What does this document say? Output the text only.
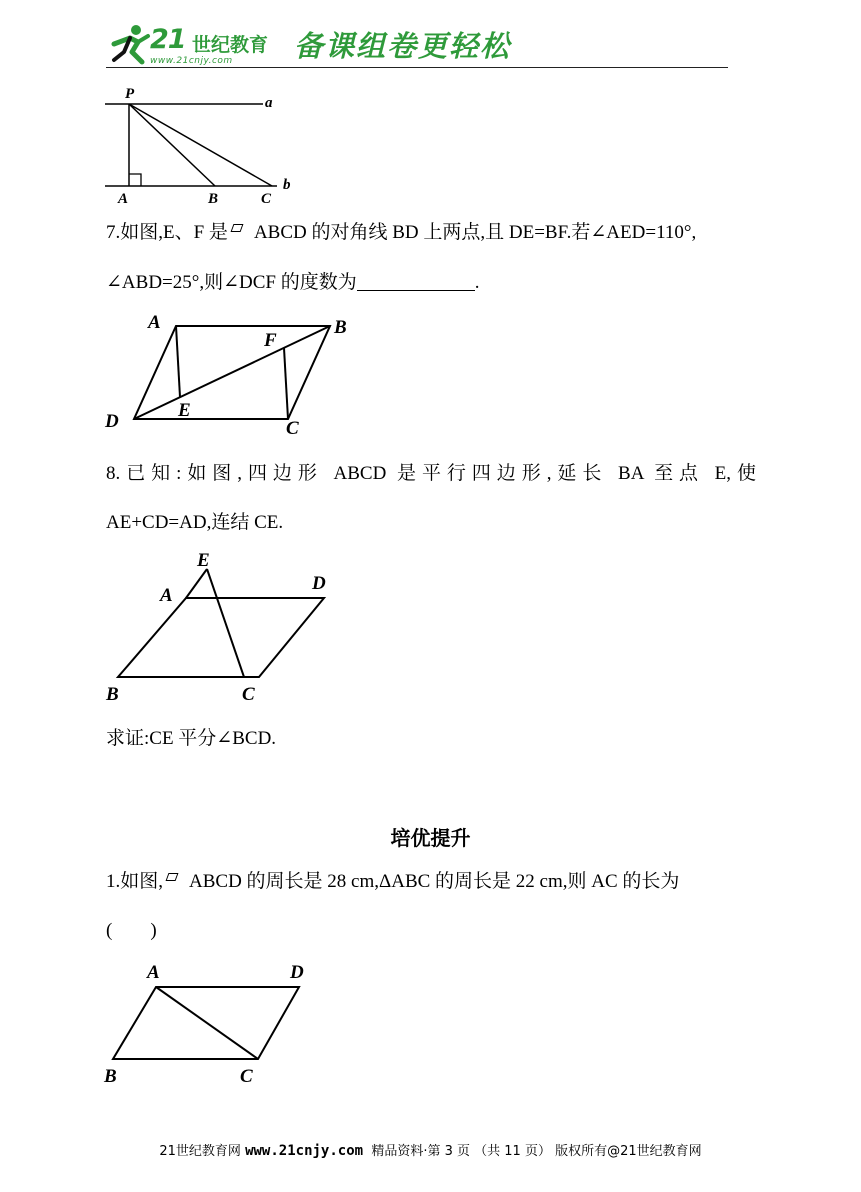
21 世纪教育
www.21cnjy.com 备课组卷更轻松
P
a
A	B	C
b
7.如图,E、F 是 ABCD 的对角线 BD 上两点,且 DE=BF.若∠AED=110°,
∠ABD=25°,则∠DCF 的度数为	.
A	B
C
D
E
F
8.已知:如图,四边形 ABCD 是平行四边形,延长 BA 至点 E,使
AE+CD=AD,连结 CE.
A
B	C
D
E
求证:CE 平分∠BCD.
培优提升
1.如图, ABCD 的周长是 28 cm,ΔABC 的周长是 22 cm,则 AC 的长为
(　　)
A
B	C
D
21世纪教育网 www.21cnjy.com  精品资料·第 3 页 （共 11 页） 版权所有@21世纪教育网
